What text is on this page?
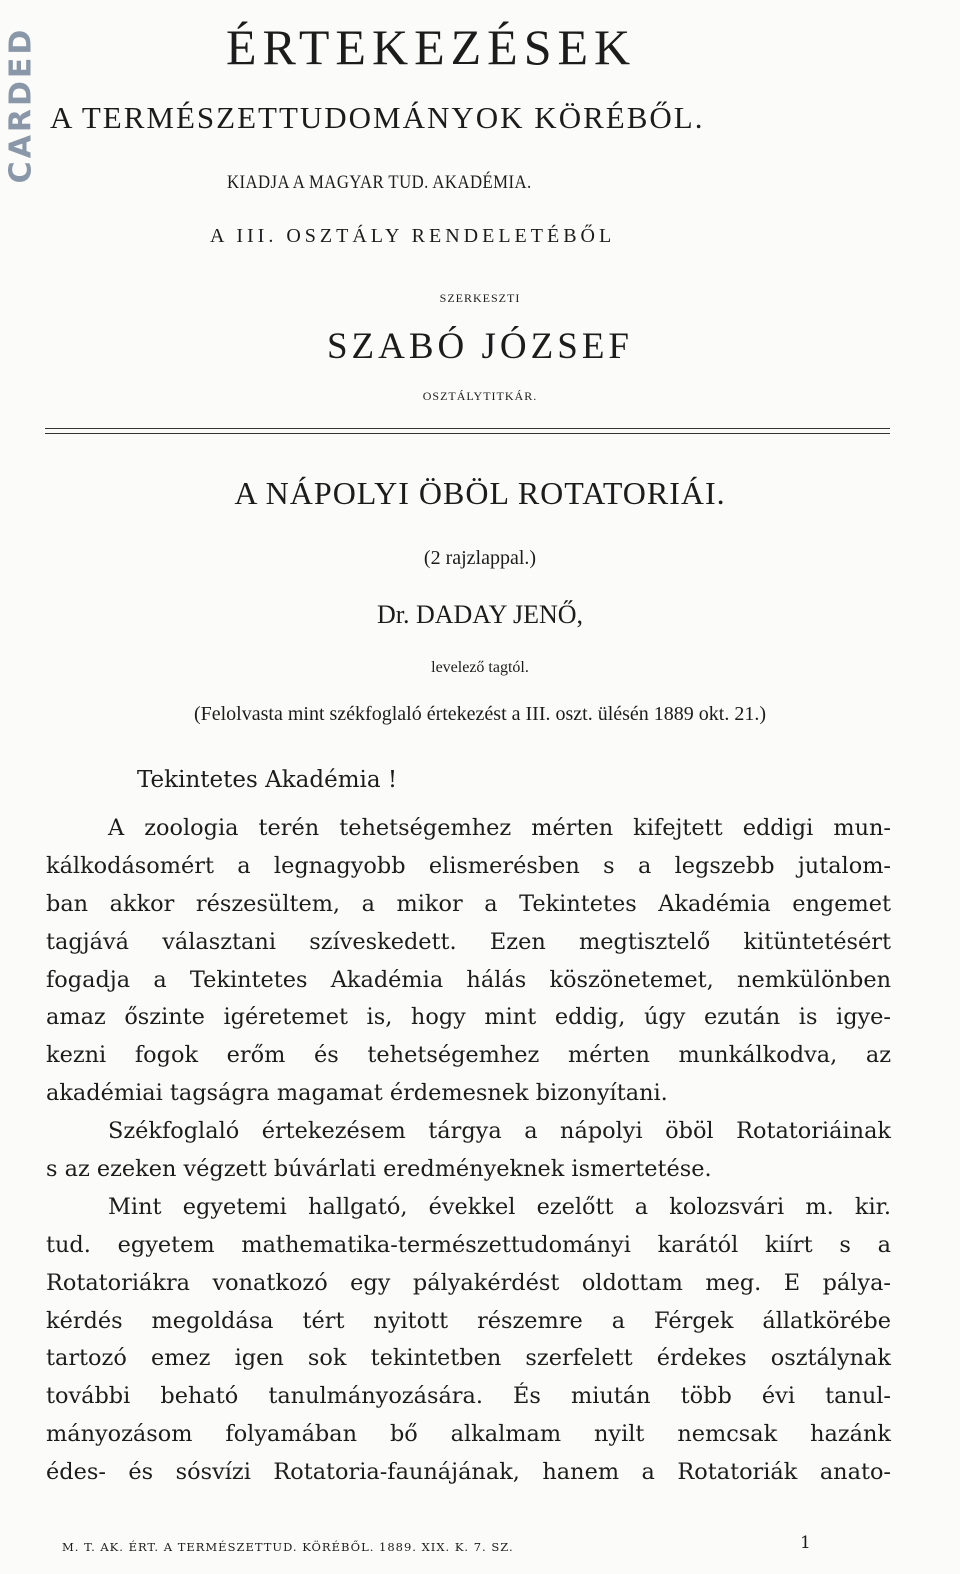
CARDED	ÉRTEKEZÉSEK
A TERMÉSZETTUDOMÁNYOK KÖRÉBŐL.
KIADJA A MAGYAR TUD. AKADÉMIA.
A III. OSZTÁLY RENDELETÉBŐL
SZERKESZTI
SZABÓ JÓZSEF
OSZTÁLYTITKÁR.
A NÁPOLYI ÖBÖL ROTATORIÁI.
(2 rajzlappal.)
Dr. DADAY JENŐ,
levelező tagtól.
(Felolvasta mint székfoglaló értekezést a III. oszt. ülésén 1889 okt. 21.)
Tekintetes Akadémia !
A zoologia terén tehetségemhez mérten kifejtett eddigi mun-
kálkodásomért a legnagyobb elismerésben s a legszebb jutalom-
ban akkor részesültem, a mikor a Tekintetes Akadémia engemet
tagjává választani szíveskedett. Ezen megtisztelő kitüntetésért
fogadja a Tekintetes Akadémia hálás köszönetemet, nemkülönben
amaz őszinte igéretemet is, hogy mint eddig, úgy ezután is igye-
kezni fogok erőm és tehetségemhez mérten munkálkodva, az
akadémiai tagságra magamat érdemesnek bizonyítani.
Székfoglaló értekezésem tárgya a nápolyi öböl Rotatoriáinak
s az ezeken végzett búvárlati eredményeknek ismertetése.
Mint egyetemi hallgató, évekkel ezelőtt a kolozsvári m. kir.
tud. egyetem mathematika-természettudományi karától kiírt s a
Rotatoriákra vonatkozó egy pályakérdést oldottam meg. E pálya-
kérdés megoldása tért nyitott részemre a Férgek állatkörébe
tartozó emez igen sok tekintetben szerfelett érdekes osztálynak
további beható tanulmányozására. És miután több évi tanul-
mányozásom folyamában bő alkalmam nyilt nemcsak hazánk
édes- és sósvízi Rotatoria-faunájának, hanem a Rotatoriák anato-
M. T. AK. ÉRT. A TERMÉSZETTUD. KÖRÉBŐL. 1889. XIX. K. 7. SZ.	1
